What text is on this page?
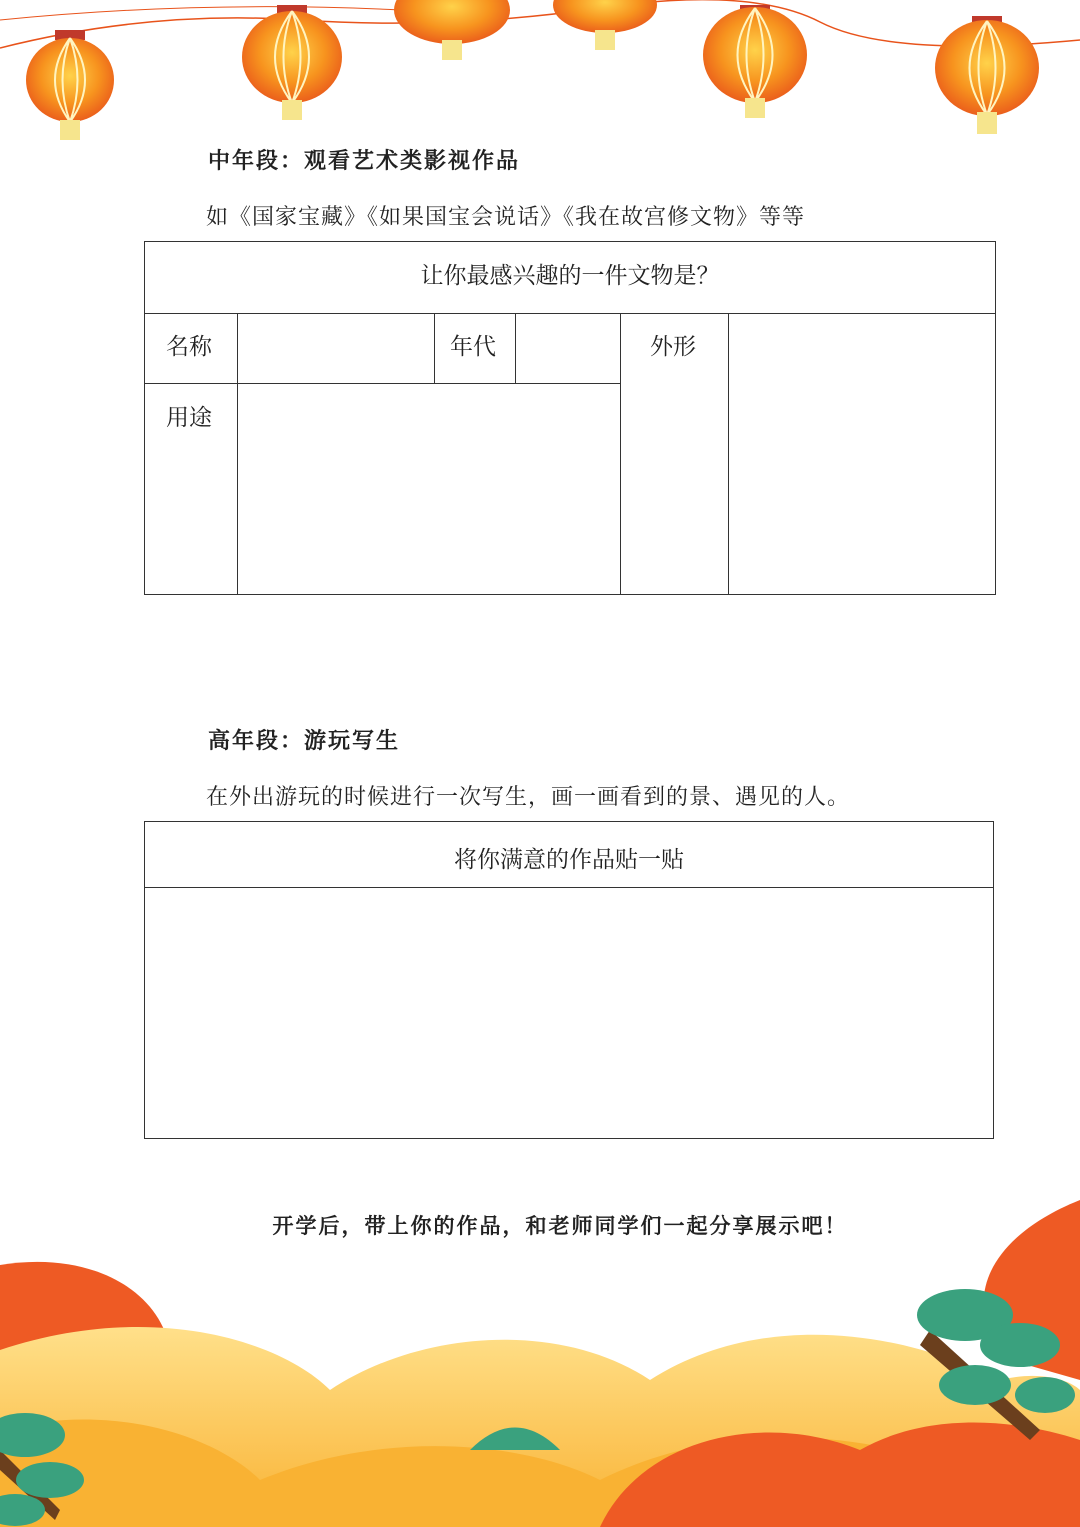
中年段：观看艺术类影视作品
如《国家宝藏》《如果国宝会说话》《我在故宫修文物》等等
让你最感兴趣的一件文物是？
名称	年代	外形
用途
高年段：游玩写生
在外出游玩的时候进行一次写生，画一画看到的景、遇见的人。
将你满意的作品贴一贴
开学后，带上你的作品，和老师同学们一起分享展示吧！
